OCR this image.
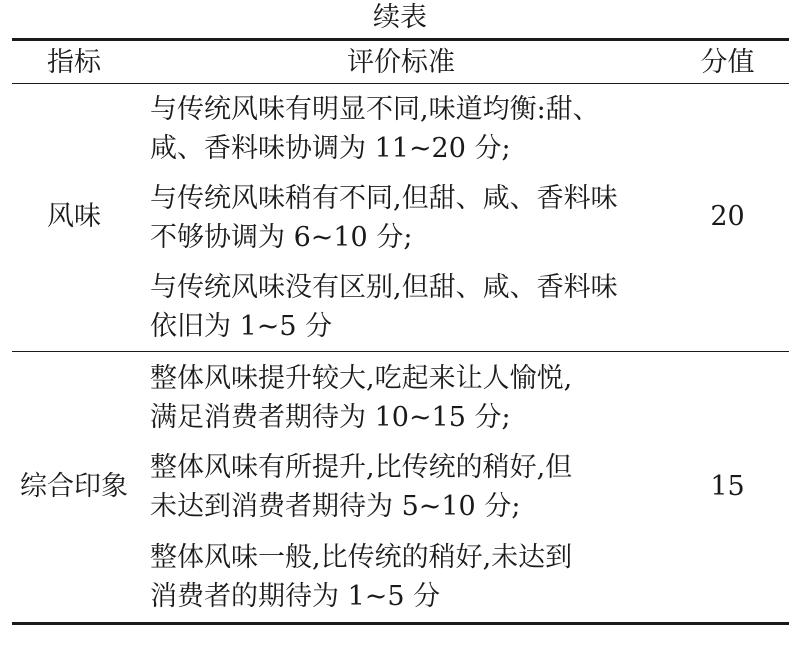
续表
指标	评价标准	分值
风味
与传统风味有明显不同,味道均衡:甜、
咸、香料味协调为 11~20 分;
与传统风味稍有不同,但甜、咸、香料味
不够协调为 6~10 分;
与传统风味没有区别,但甜、咸、香料味
依旧为 1~5 分
20
综合印象
整体风味提升较大,吃起来让人愉悦,
满足消费者期待为 10~15 分;
整体风味有所提升,比传统的稍好,但
未达到消费者期待为 5~10 分;
整体风味一般,比传统的稍好,未达到
消费者的期待为 1~5 分
15
